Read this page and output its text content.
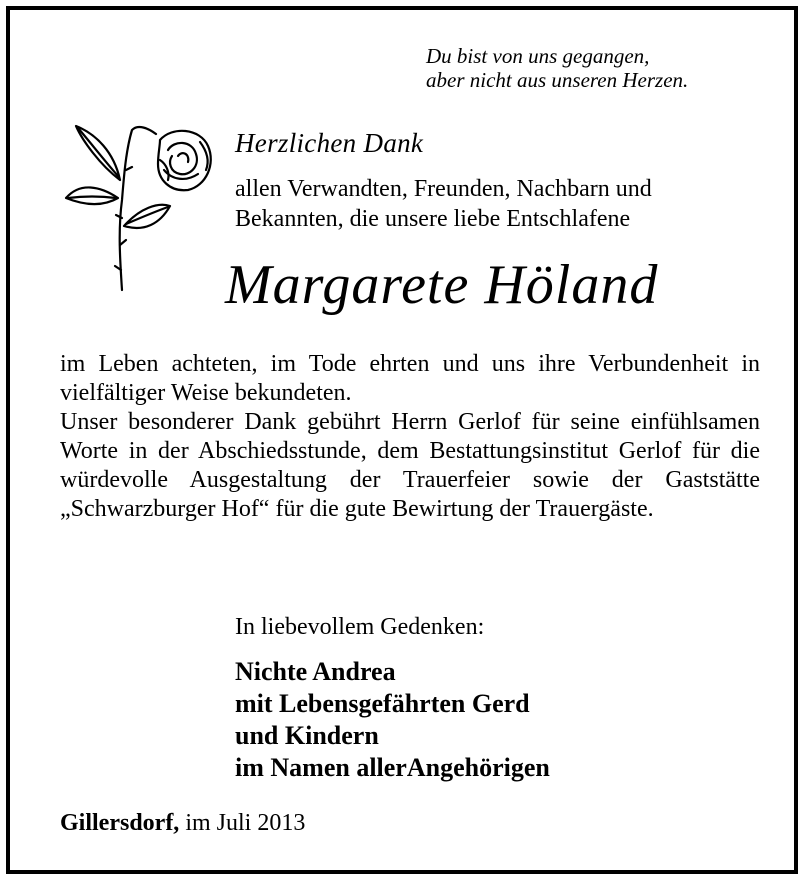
Du bist von uns gegangen,
aber nicht aus unseren Herzen.
Herzlichen Dank
allen Verwandten, Freunden, Nachbarn und
Bekannten, die unsere liebe Entschlafene
Margarete Höland

im Leben achteten, im Tode ehrten und uns ihre Verbundenheit in vielfältiger Weise bekundeten.

Unser besonderer Dank gebührt Herrn Gerlof für seine einfühlsamen Worte in der Abschiedsstunde, dem Bestattungsinstitut Gerlof für die würdevolle Ausgestaltung der Trauerfeier sowie der Gaststätte „Schwarzburger Hof“ für die gute Bewirtung der Trauergäste.

In liebevollem Gedenken:
Nichte Andrea
mit Lebensgefährten Gerd
und Kindern
im Namen allerAngehörigen
Gillersdorf, im Juli 2013
